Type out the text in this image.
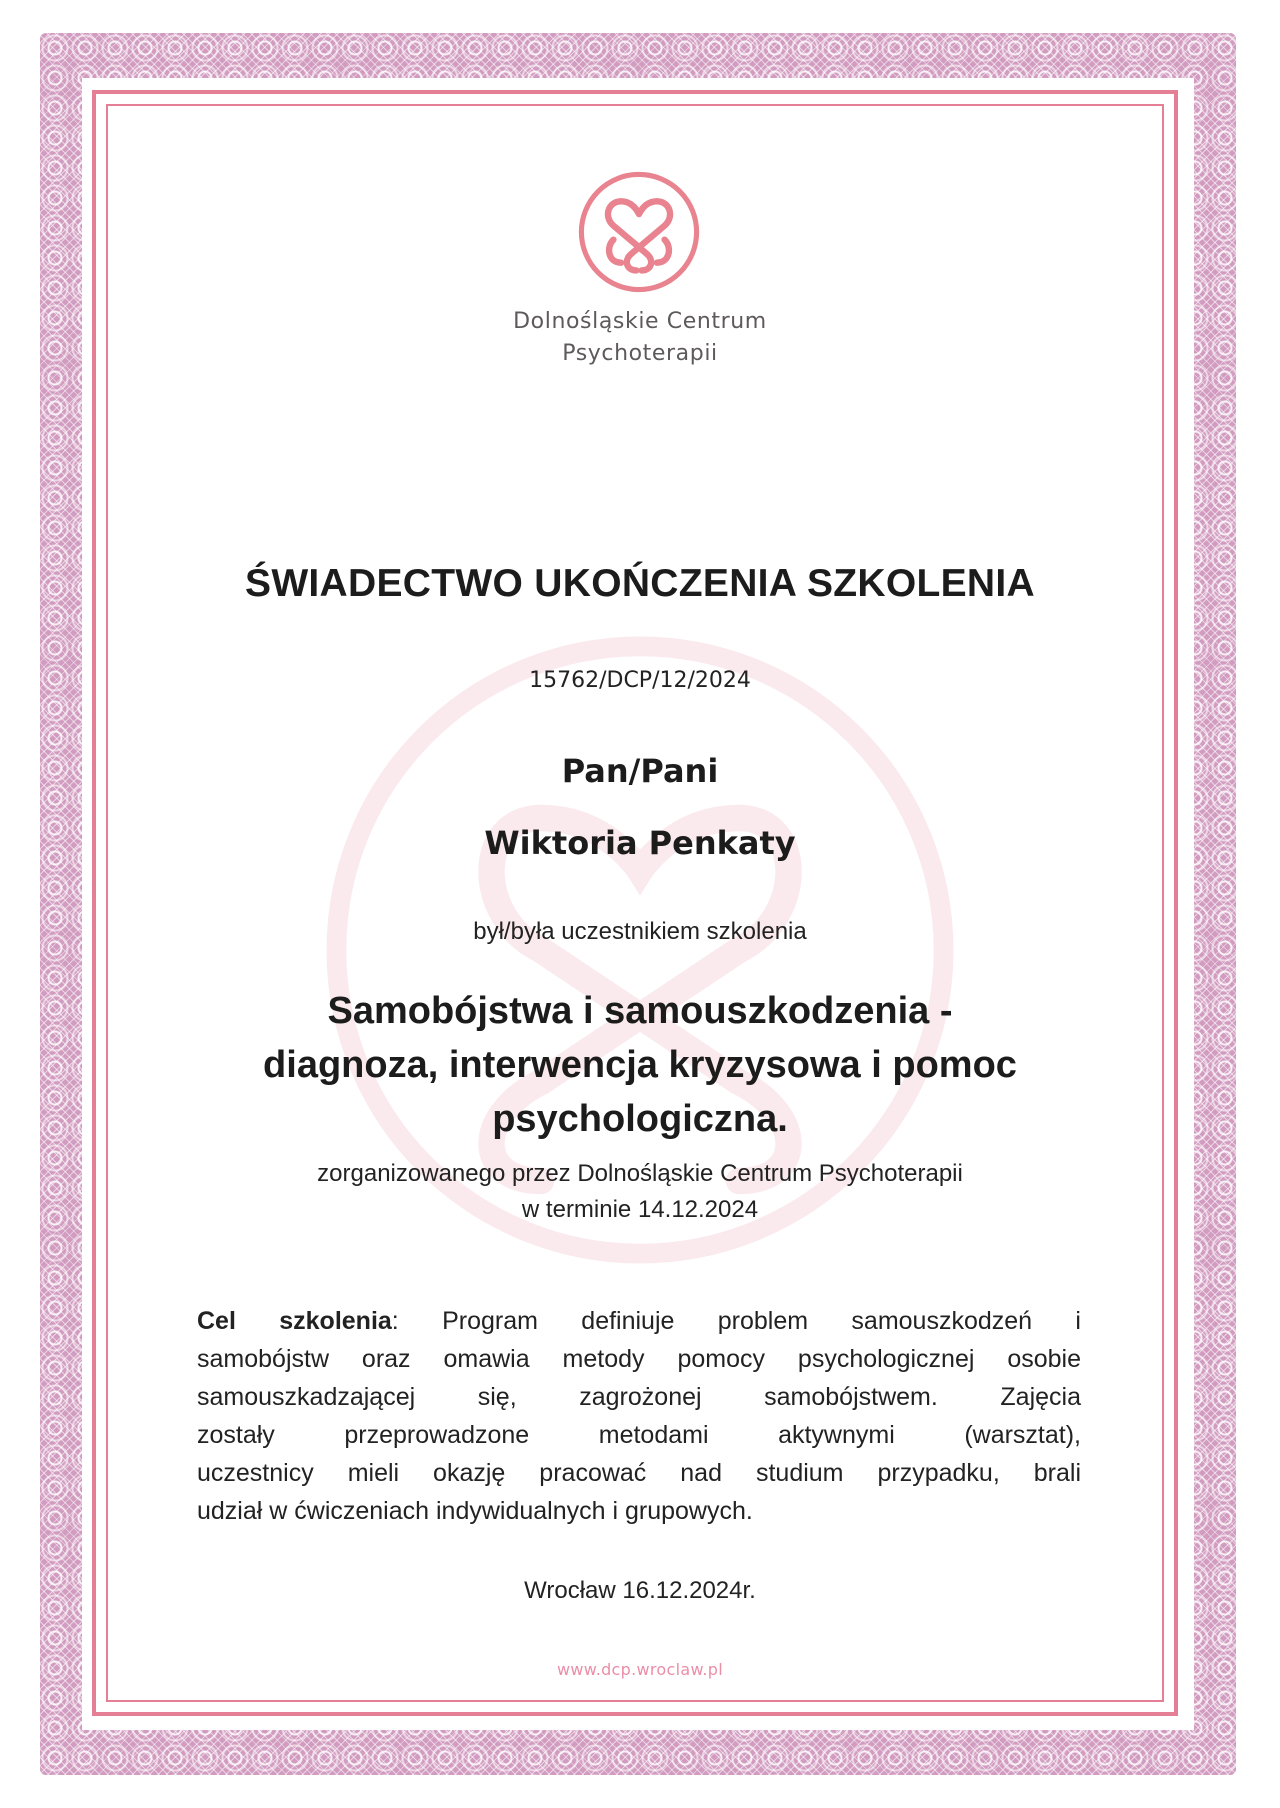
Dolnośląskie Centrum
Psychoterapii
ŚWIADECTWO UKOŃCZENIA SZKOLENIA
15762/DCP/12/2024
Pan/Pani
Wiktoria Penkaty
był/była uczestnikiem szkolenia
Samobójstwa i samouszkodzenia -
diagnoza, interwencja kryzysowa i pomoc
psychologiczna.
zorganizowanego przez Dolnośląskie Centrum Psychoterapii
w terminie 14.12.2024
Cel szkolenia: Program definiuje problem samouszkodzeń i
samobójstw oraz omawia metody pomocy psychologicznej osobie
samouszkadzającej się, zagrożonej samobójstwem. Zajęcia
zostały przeprowadzone metodami aktywnymi (warsztat),
uczestnicy mieli okazję pracować nad studium przypadku, brali
udział w ćwiczeniach indywidualnych i grupowych.
Wrocław 16.12.2024r.
www.dcp.wroclaw.pl
